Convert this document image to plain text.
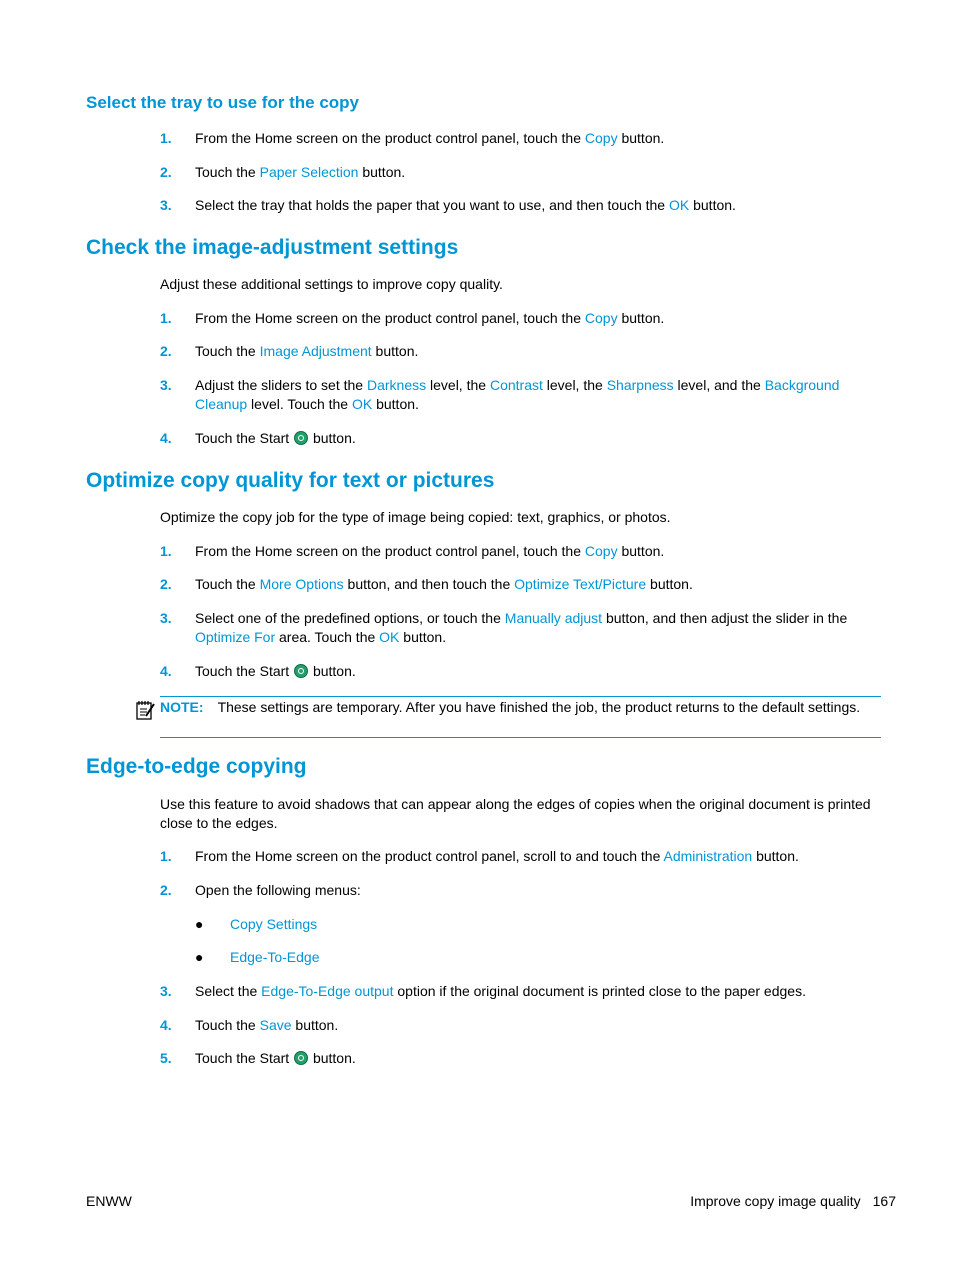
Select the tray to use for the copy
1. From the Home screen on the product control panel, touch the Copy button.
2. Touch the Paper Selection button.
3. Select the tray that holds the paper that you want to use, and then touch the OK button.
Check the image-adjustment settings

Adjust these additional settings to improve copy quality.

1. From the Home screen on the product control panel, touch the Copy button.
2. Touch the Image Adjustment button.
3. Adjust the sliders to set the Darkness level, the Contrast level, the Sharpness level, and the Background Cleanup level. Touch the OK button.
4. Touch the Start  button.
Optimize copy quality for text or pictures

Optimize the copy job for the type of image being copied: text, graphics, or photos.

1. From the Home screen on the product control panel, touch the Copy button.
2. Touch the More Options button, and then touch the Optimize Text/Picture button.
3. Select one of the predefined options, or touch the Manually adjust button, and then adjust the slider in the Optimize For area. Touch the OK button.
4. Touch the Start  button.
NOTE: These settings are temporary. After you have finished the job, the product returns to the default settings.
Edge-to-edge copying

Use this feature to avoid shadows that can appear along the edges of copies when the original document is printed close to the edges.

1. From the Home screen on the product control panel, scroll to and touch the Administration button.
2. Open the following menus:
● Copy Settings
● Edge-To-Edge
3. Select the Edge-To-Edge output option if the original document is printed close to the paper edges.
4. Touch the Save button.
5. Touch the Start  button.
ENWW	Improve copy image quality 167
